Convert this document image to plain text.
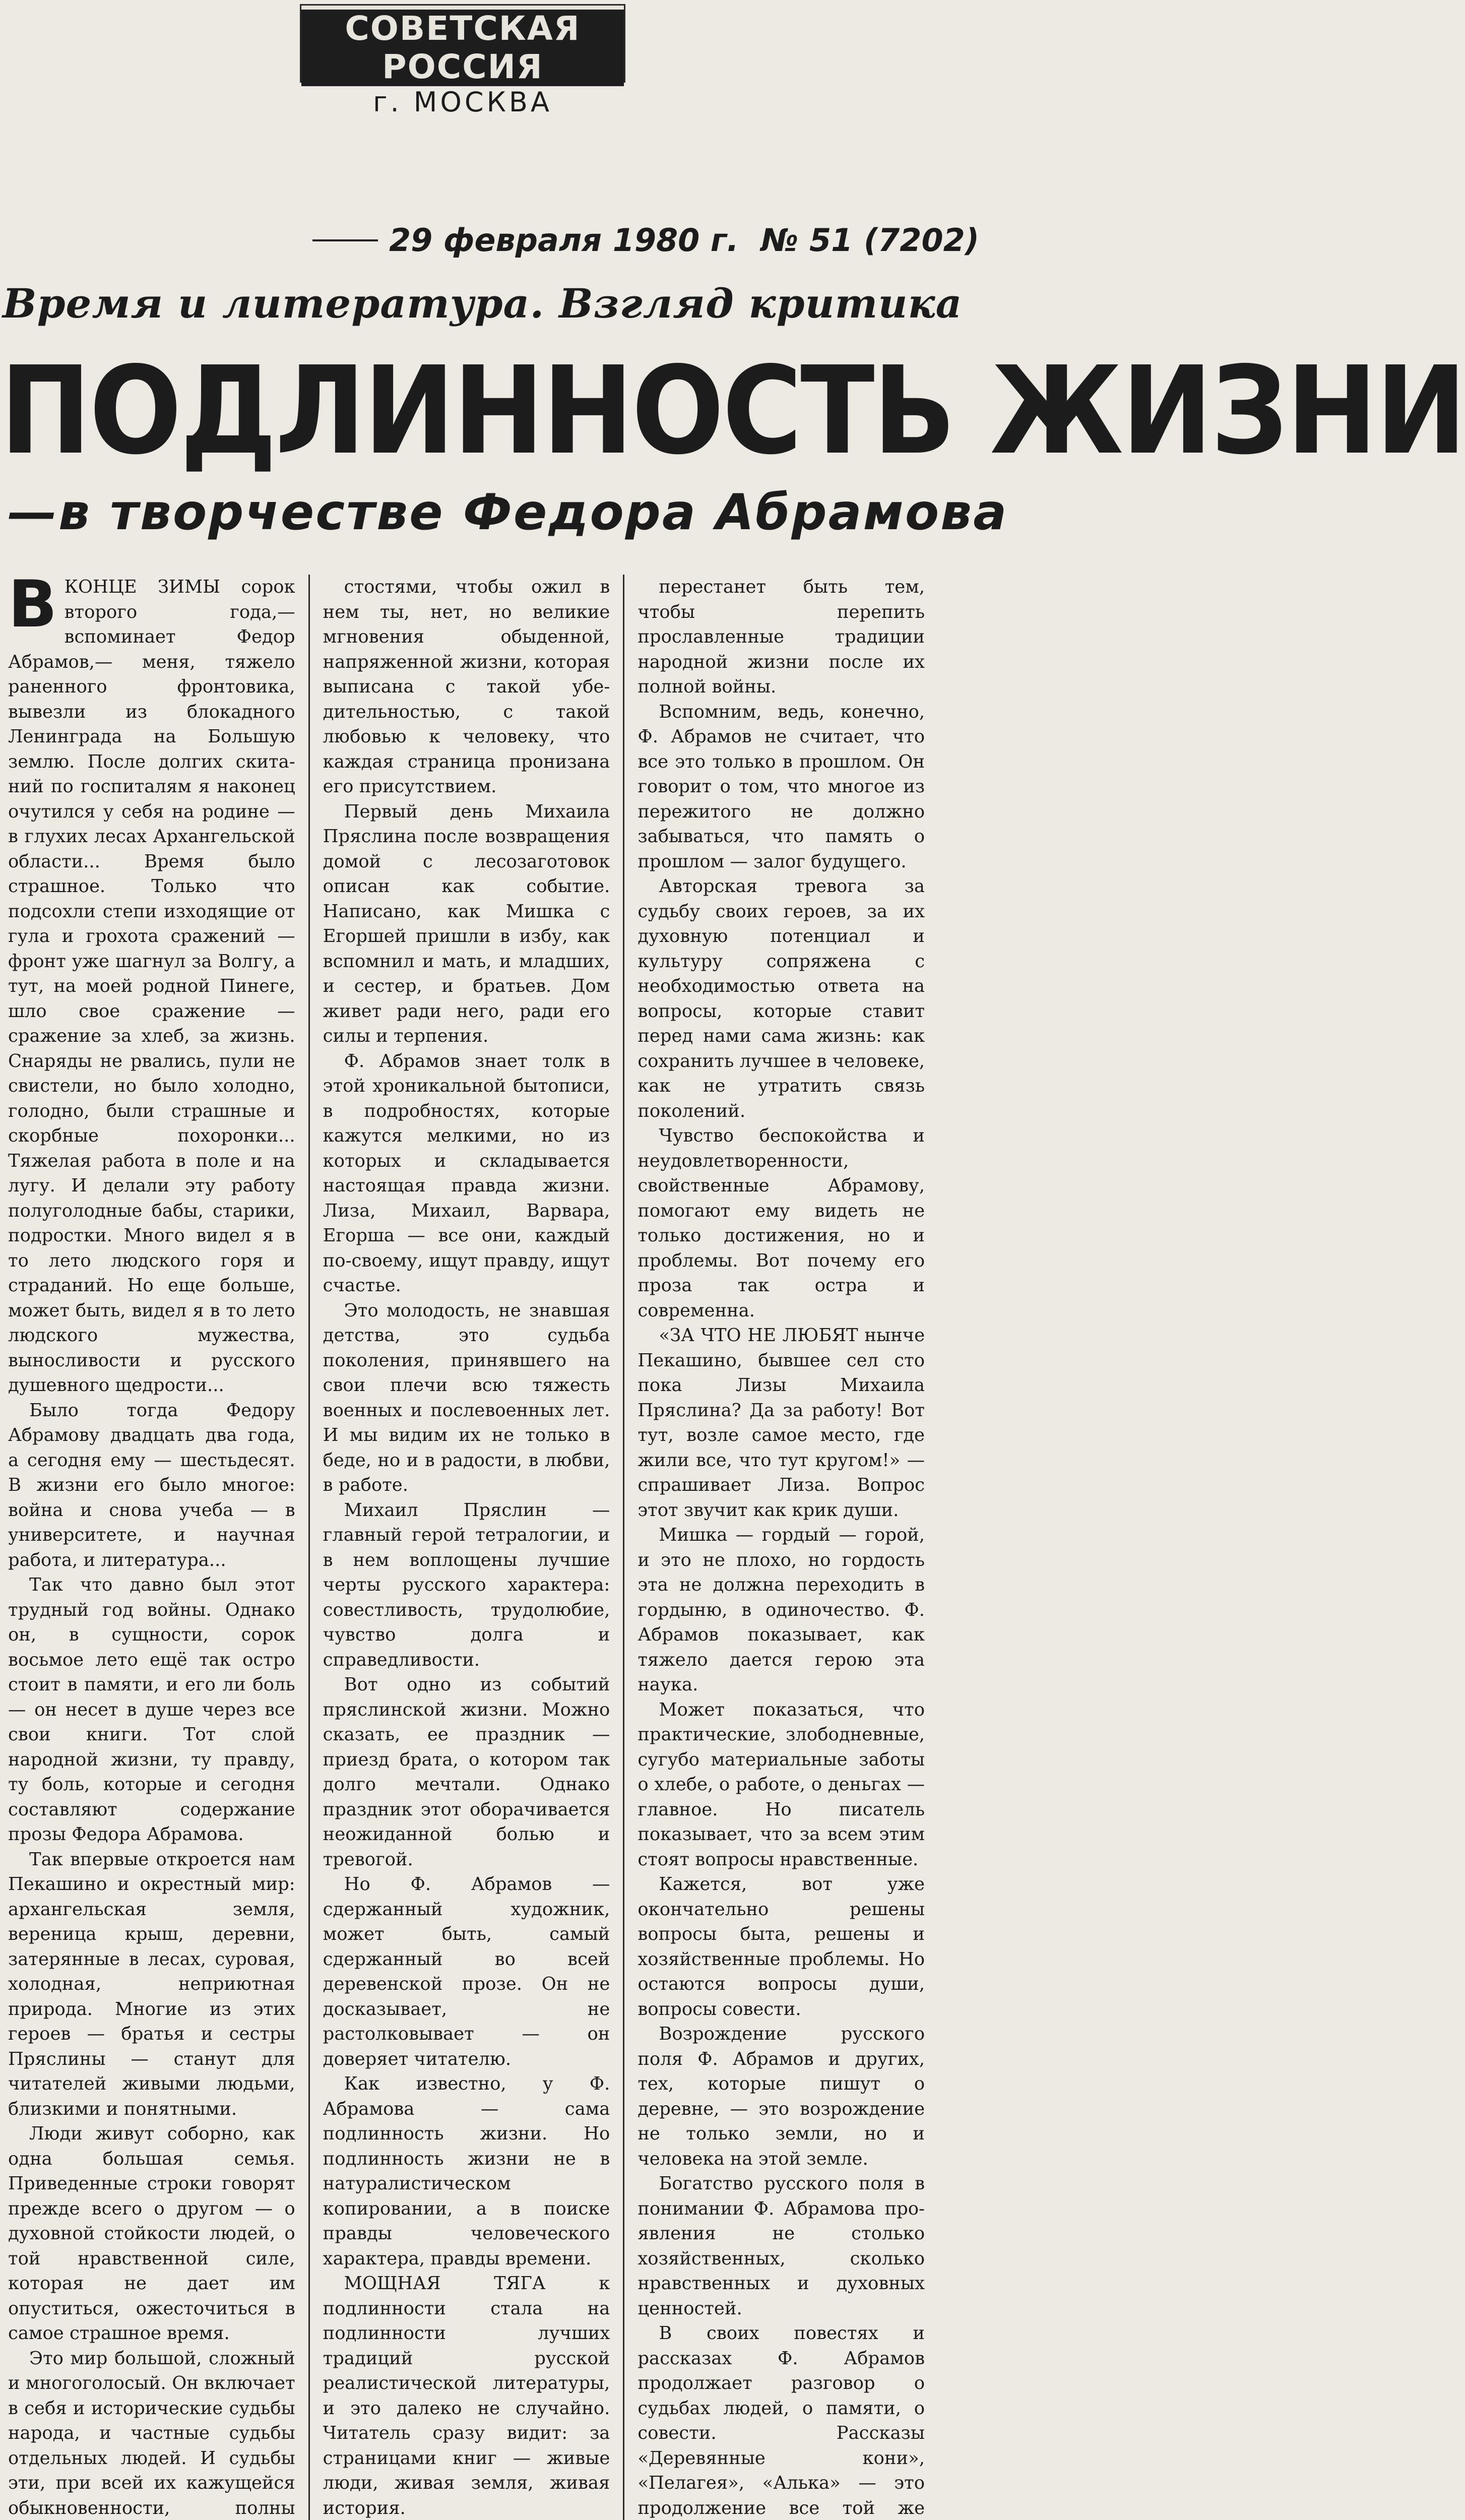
СОВЕТСКАЯ РОССИЯ
г. МОСКВА
29 февраля 1980 г. № 51 (7202)
Время и литература. Взгляд критика
ПОДЛИННОСТЬ ЖИЗНИ
—в творчестве Федора Абрамова
В КОНЦЕ ЗИМЫ сорок второго года,— вспоминает Федор Абрамов,— меня, тяжело раненного фронтовика, вывезли из блокадного Ленинграда на Большую землю. После долгих скитаний по госпиталям я наконец очутился у себя на родине — в глухих лесах Архангельской области... Время было страшное. Только что подсохли степи изходящие от гула и грохота сражений — фронт уже шагнул за Волгу, а тут, на моей родной Пинеге, шло свое сражение — сражение за хлеб, за жизнь. Снаряды не рвались, пули не свистели, но было холодно, голодно, были страшные и скорбные похоронки... Тяжелая работа в поле и на лугу. И делали эту работу полуголодные бабы, старики, подростки. Много видел я в то лето людского горя и страданий. Но еще больше, может быть, видел я в то лето людского мужества, выносливости и русского душевного щедрости...

Было тогда Федору Абрамову двадцать два года, а сегодня ему — шестьдесят. В жизни его было многое: война и снова учеба — в университете, и научная работа, и литература...

Так что давно был этот трудный год войны. Однако он, в сущности, сорок восьмое лето ещё так остро стоит в памяти, и его ли боль — он несет в душе через все свои книги. Тот слой народной жизни, ту правду, ту боль, которые и сегодня составляют содержание прозы Федора Абрамова.

Так впервые откроется нам Пекашино и окрестный мир: архангельская земля, вереница крыш, деревни, затерянные в лесах, суровая, холодная, неприютная природа. Многие из этих героев — братья и сестры Пряслины — станут для читателей живыми людьми, близкими и понятными.

Люди живут соборно, как одна большая семья. Приведенные строки говорят прежде всего о другом — о духовной стойкости людей, о той нравственной силе, которая не дает им опуститься, ожесточиться в самое страшное время.

Это мир большой, сложный и многоголосый. Он включает в себя и исторические судьбы народа, и частные судьбы отдельных людей. И судьбы эти, при всей их кажущейся обыкновенности, полны

стостями, чтобы ожил в нем ты, нет, но великие мгновения обыденной, напряженной жизни, которая выписана с такой убедительностью, с такой любовью к человеку, что каждая страница пронизана его присутствием.

Первый день Михаила Пряслина после возвращения домой с лесозаготовок описан как событие. Написано, как Мишка с Егоршей пришли в избу, как вспомнил и мать, и младших, и сестер, и братьев. Дом живет ради него, ради его силы и терпения.

Ф. Абрамов знает толк в этой хроникальной бытописи, в подробностях, которые кажутся мелкими, но из которых и складывается настоящая правда жизни. Лиза, Михаил, Варвара, Егорша — все они, каждый по-своему, ищут правду, ищут счастье.

Это молодость, не знавшая детства, это судьба поколения, принявшего на свои плечи всю тяжесть военных и послевоенных лет. И мы видим их не только в беде, но и в радости, в любви, в работе.

Михаил Пряслин — главный герой тетралогии, и в нем воплощены лучшие черты русского характера: совестливость, трудолюбие, чувство долга и справедливости.

Вот одно из событий пряслинской жизни. Можно сказать, ее праздник — приезд брата, о котором так долго мечтали. Однако праздник этот оборачивается неожиданной болью и тревогой.

Но Ф. Абрамов — сдержанный художник, может быть, самый сдержанный во всей деревенской прозе. Он не досказывает, не растолковывает — он доверяет читателю.

Как известно, у Ф. Абрамова — сама подлинность жизни. Но подлинность жизни не в натуралистическом копировании, а в поиске правды человеческого характера, правды времени.

МОЩНАЯ ТЯГА к подлинности стала на подлинности лучших традиций русской реалистической литературы, и это далеко не случайно. Читатель сразу видит: за страницами книг — живые люди, живая земля, живая история.

перестанет быть тем, чтобы перепить прославленные традиции народной жизни после их полной войны.

Вспомним, ведь, конечно, Ф. Абрамов не считает, что все это только в прошлом. Он говорит о том, что многое из пережитого не должно забываться, что память о прошлом — залог будущего.

Авторская тревога за судьбу своих героев, за их духовную потенциал и культуру сопряжена с необходимостью ответа на вопросы, которые ставит перед нами сама жизнь: как сохранить лучшее в человеке, как не утратить связь поколений.

Чувство беспокойства и неудовлетворенности, свойственные Абрамову, помогают ему видеть не только достижения, но и проблемы. Вот почему его проза так остра и современна.

«ЗА ЧТО НЕ ЛЮБЯТ нынче Пекашино, бывшее сел сто пока Лизы Михаила Пряслина? Да за работу! Вот тут, возле самое место, где жили все, что тут кругом!» — спрашивает Лиза. Вопрос этот звучит как крик души.

Мишка — гордый — горой, и это не плохо, но гордость эта не должна переходить в гордыню, в одиночество. Ф. Абрамов показывает, как тяжело дается герою эта наука.

Может показаться, что практические, злободневные, сугубо материальные заботы о хлебе, о работе, о деньгах — главное. Но писатель показывает, что за всем этим стоят вопросы нравственные.

Кажется, вот уже окончательно решены вопросы быта, решены и хозяйственные проблемы. Но остаются вопросы души, вопросы совести.

Возрождение русского поля Ф. Абрамов и других, тех, которые пишут о деревне, — это возрождение не только земли, но и человека на этой земле.

Богатство русского поля в понимании Ф. Абрамова проявления не столько хозяйственных, сколько нравственных и духовных ценностей.

В своих повестях и рассказах Ф. Абрамов продолжает разговор о судьбах людей, о памяти, о совести. Рассказы «Деревянные кони», «Пелагея», «Алька» — это продолжение все той же
